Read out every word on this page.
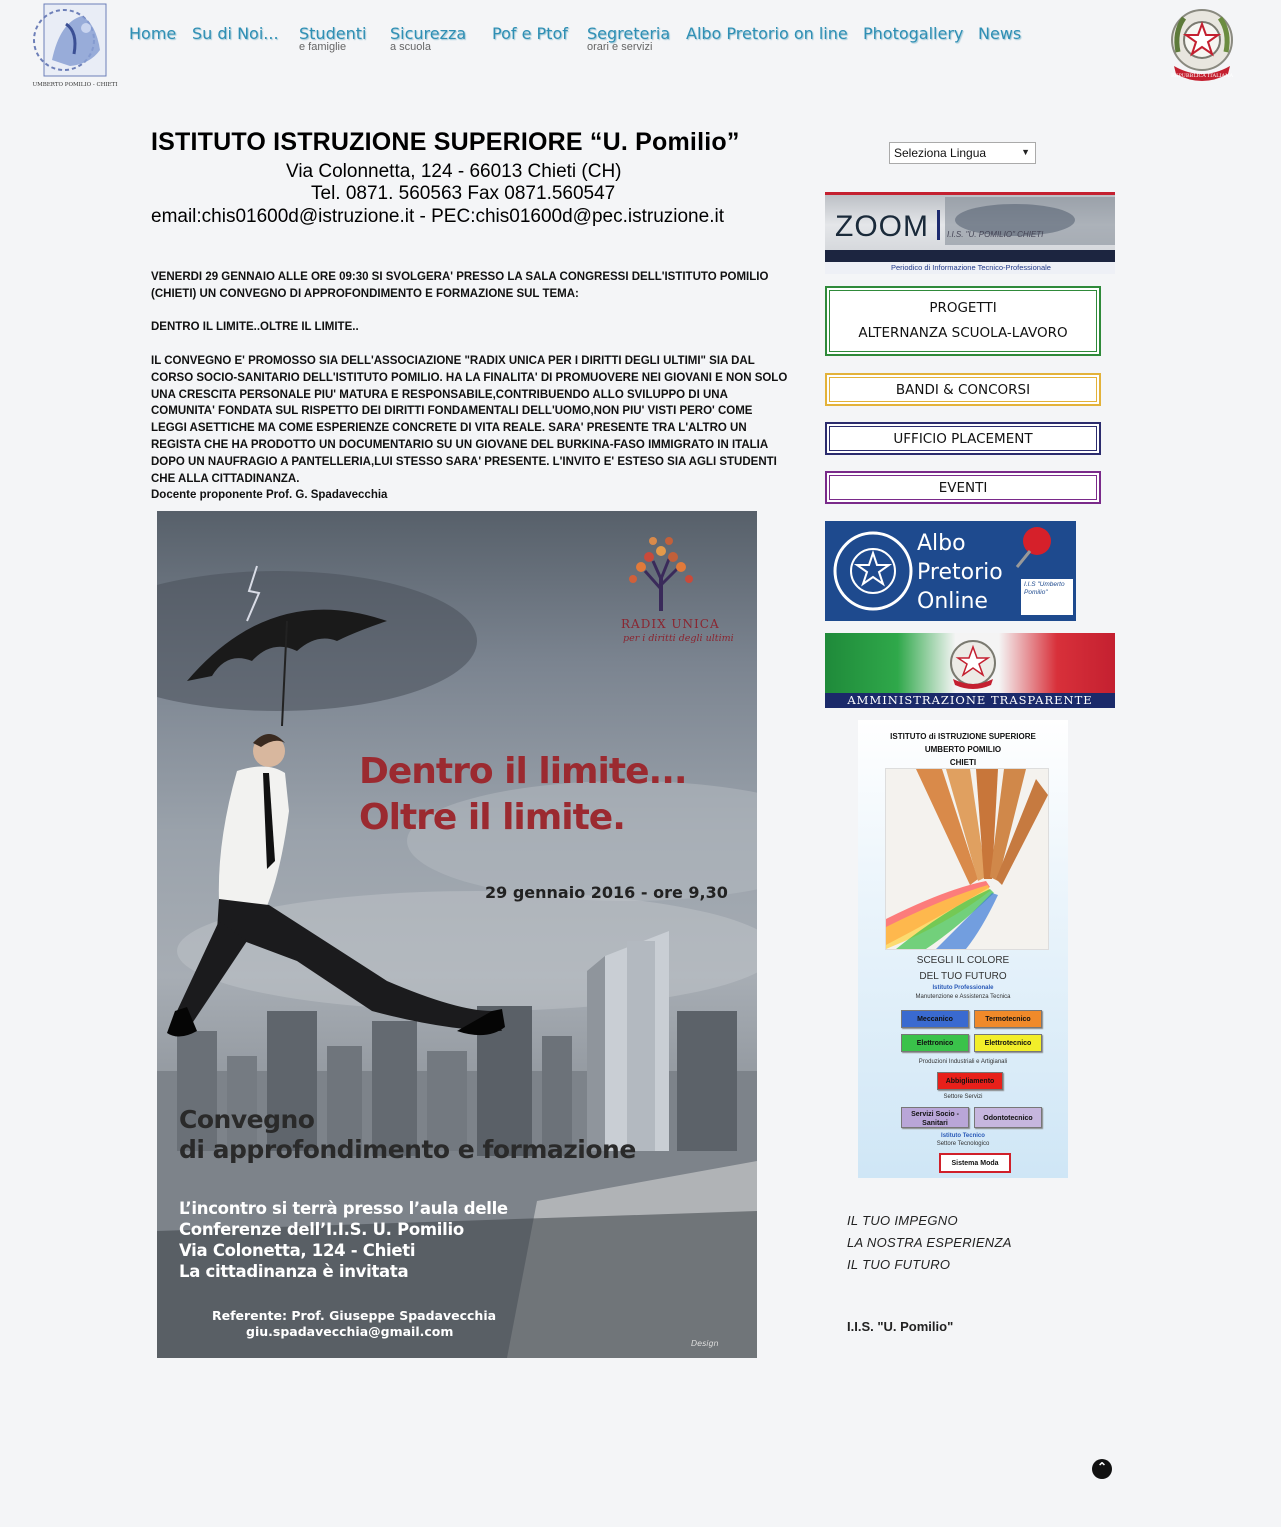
UMBERTO POMILIO - CHIETI
Home Su di Noi... Studenti
e famiglie
Sicurezza
a scuola
Pof e Ptof Segreteria
orari e servizi
Albo Pretorio on line Photogallery News
REPUBBLICA ITALIANA
ISTITUTO ISTRUZIONE SUPERIORE “U. Pomilio”
Via Colonnetta, 124 - 66013 Chieti (CH)
Tel. 0871. 560563 Fax 0871.560547
email:chis01600d@istruzione.it - PEC:chis01600d@pec.istruzione.it

VENERDI 29 GENNAIO ALLE ORE 09:30 SI SVOLGERA' PRESSO LA SALA CONGRESSI DELL'ISTITUTO POMILIO (CHIETI) UN CONVEGNO DI APPROFONDIMENTO E FORMAZIONE SUL TEMA:

DENTRO IL LIMITE..OLTRE IL LIMITE..

IL CONVEGNO E' PROMOSSO SIA DELL'ASSOCIAZIONE "RADIX UNICA PER I DIRITTI DEGLI ULTIMI" SIA DAL CORSO SOCIO-SANITARIO DELL'ISTITUTO POMILIO. HA LA FINALITA' DI PROMUOVERE NEI GIOVANI E NON SOLO UNA CRESCITA PERSONALE PIU' MATURA E RESPONSABILE,CONTRIBUENDO ALLO SVILUPPO DI UNA COMUNITA' FONDATA SUL RISPETTO DEI DIRITTI FONDAMENTALI DELL'UOMO,NON PIU' VISTI PERO' COME LEGGI ASETTICHE MA COME ESPERIENZE CONCRETE DI VITA REALE. SARA' PRESENTE TRA L'ALTRO UN REGISTA CHE HA PRODOTTO UN DOCUMENTARIO SU UN GIOVANE DEL BURKINA-FASO IMMIGRATO IN ITALIA DOPO UN NAUFRAGIO A PANTELLERIA,LUI STESSO SARA' PRESENTE. L'INVITO E' ESTESO SIA AGLI STUDENTI CHE ALLA CITTADINANZA.

Docente proponente Prof. G. Spadavecchia

RADIX UNICA
per i diritti degli ultimi
Dentro il limite...
Oltre il limite.
29 gennaio 2016 - ore 9,30
Convegno
di approfondimento e formazione
L’incontro si terrà presso l’aula delle
Conferenze dell’I.I.S. U. Pomilio
Via Colonetta, 124 - Chieti
La cittadinanza è invitata
Referente: Prof. Giuseppe Spadavecchia
giu.spadavecchia@gmail.com
Design
Seleziona Lingua	▼
ZOOM I.I.S. "U. POMILIO" CHIETI
Periodico di Informazione Tecnico-Professionale
PROGETTI
ALTERNANZA SCUOLA-LAVORO
BANDI & CONCORSI
UFFICIO PLACEMENT
EVENTI
Albo
Pretorio
Online
I.I.S "Umberto Pomilio"
AMMINISTRAZIONE TRASPARENTE
ISTITUTO di ISTRUZIONE SUPERIORE
UMBERTO POMILIO
CHIETI
SCEGLI IL COLORE
DEL TUO FUTURO
Istituto Professionale
Manutenzione e Assistenza Tecnica
Meccanico	Termotecnico
Elettronico	Elettrotecnico
Produzioni Industriali e Artigianali
Abbigliamento
Settore Servizi
Servizi Socio - Sanitari
Odontotecnico
Istituto Tecnico
Settore Tecnologico
Sistema Moda
IL TUO IMPEGNO
LA NOSTRA ESPERIENZA
IL TUO FUTURO
I.I.S. "U. Pomilio"
⌃
